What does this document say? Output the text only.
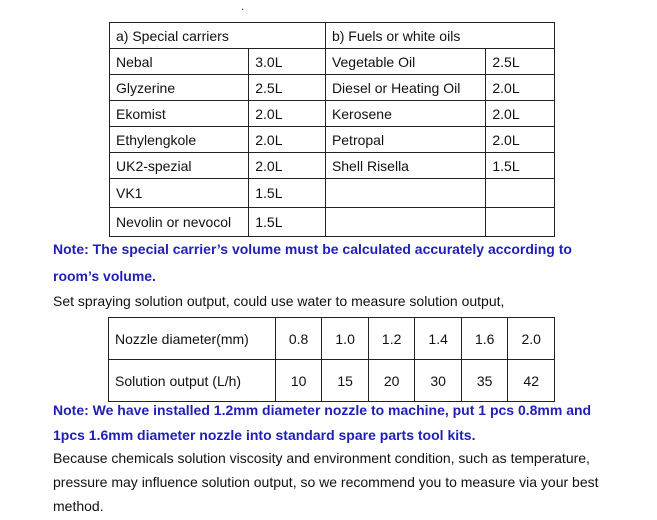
.
a) Special carriers		b) Fuels or white oils	
Nebal	3.0L	Vegetable Oil	2.5L
Glyzerine	2.5L	Diesel or Heating Oil	2.0L
Ekomist	2.0L	Kerosene	2.0L
Ethylengkole	2.0L	Petropal	2.0L
UK2-spezial	2.0L	Shell Risella	1.5L
VK1	1.5L		
Nevolin or nevocol	1.5L		
Note: The special carrier’s volume must be calculated accurately according to
room’s volume.
Set spraying solution output, could use water to measure solution output,
Nozzle diameter(mm)	0.8	1.0	1.2	1.4	1.6	2.0
Solution output (L/h)	10	15	20	30	35	42
Note: We have installed 1.2mm diameter nozzle to machine, put 1 pcs 0.8mm and
1pcs 1.6mm diameter nozzle into standard spare parts tool kits.
Because chemicals solution viscosity and environment condition, such as temperature,
pressure may influence solution output, so we recommend you to measure via your best
method.
